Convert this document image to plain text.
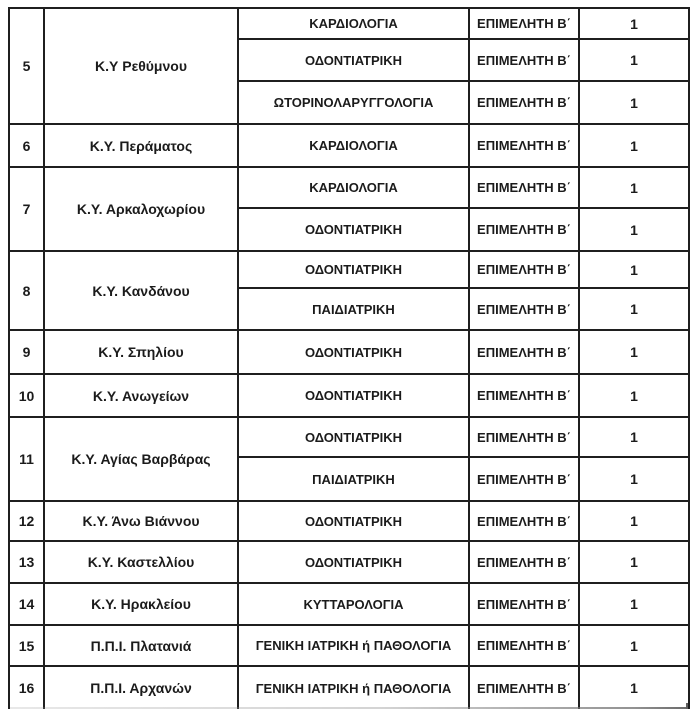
5	Κ.Υ Ρεθύμνου	ΚΑΡΔΙΟΛΟΓΙΑ	ΕΠΙΜΕΛΗΤΗ Β΄	1
		ΟΔΟΝΤΙΑΤΡΙΚΗ	ΕΠΙΜΕΛΗΤΗ Β΄	1
		ΩΤΟΡΙΝΟΛΑΡΥΓΓΟΛΟΓΙΑ	ΕΠΙΜΕΛΗΤΗ Β΄	1
6	Κ.Υ. Περάματος	ΚΑΡΔΙΟΛΟΓΙΑ	ΕΠΙΜΕΛΗΤΗ Β΄	1
7	Κ.Υ. Αρκαλοχωρίου	ΚΑΡΔΙΟΛΟΓΙΑ	ΕΠΙΜΕΛΗΤΗ Β΄	1
		ΟΔΟΝΤΙΑΤΡΙΚΗ	ΕΠΙΜΕΛΗΤΗ Β΄	1
8	Κ.Υ. Κανδάνου	ΟΔΟΝΤΙΑΤΡΙΚΗ	ΕΠΙΜΕΛΗΤΗ Β΄	1
		ΠΑΙΔΙΑΤΡΙΚΗ	ΕΠΙΜΕΛΗΤΗ Β΄	1
9	Κ.Υ. Σπηλίου	ΟΔΟΝΤΙΑΤΡΙΚΗ	ΕΠΙΜΕΛΗΤΗ Β΄	1
10	Κ.Υ. Ανωγείων	ΟΔΟΝΤΙΑΤΡΙΚΗ	ΕΠΙΜΕΛΗΤΗ Β΄	1
11	Κ.Υ. Αγίας Βαρβάρας	ΟΔΟΝΤΙΑΤΡΙΚΗ	ΕΠΙΜΕΛΗΤΗ Β΄	1
		ΠΑΙΔΙΑΤΡΙΚΗ	ΕΠΙΜΕΛΗΤΗ Β΄	1
12	Κ.Υ. Άνω Βιάννου	ΟΔΟΝΤΙΑΤΡΙΚΗ	ΕΠΙΜΕΛΗΤΗ Β΄	1
13	Κ.Υ. Καστελλίου	ΟΔΟΝΤΙΑΤΡΙΚΗ	ΕΠΙΜΕΛΗΤΗ Β΄	1
14	Κ.Υ. Ηρακλείου	ΚΥΤΤΑΡΟΛΟΓΙΑ	ΕΠΙΜΕΛΗΤΗ Β΄	1
15	Π.Π.Ι. Πλατανιά	ΓΕΝΙΚΗ ΙΑΤΡΙΚΗ ή ΠΑΘΟΛΟΓΙΑ	ΕΠΙΜΕΛΗΤΗ Β΄	1
16	Π.Π.Ι. Αρχανών	ΓΕΝΙΚΗ ΙΑΤΡΙΚΗ ή ΠΑΘΟΛΟΓΙΑ	ΕΠΙΜΕΛΗΤΗ Β΄	1
